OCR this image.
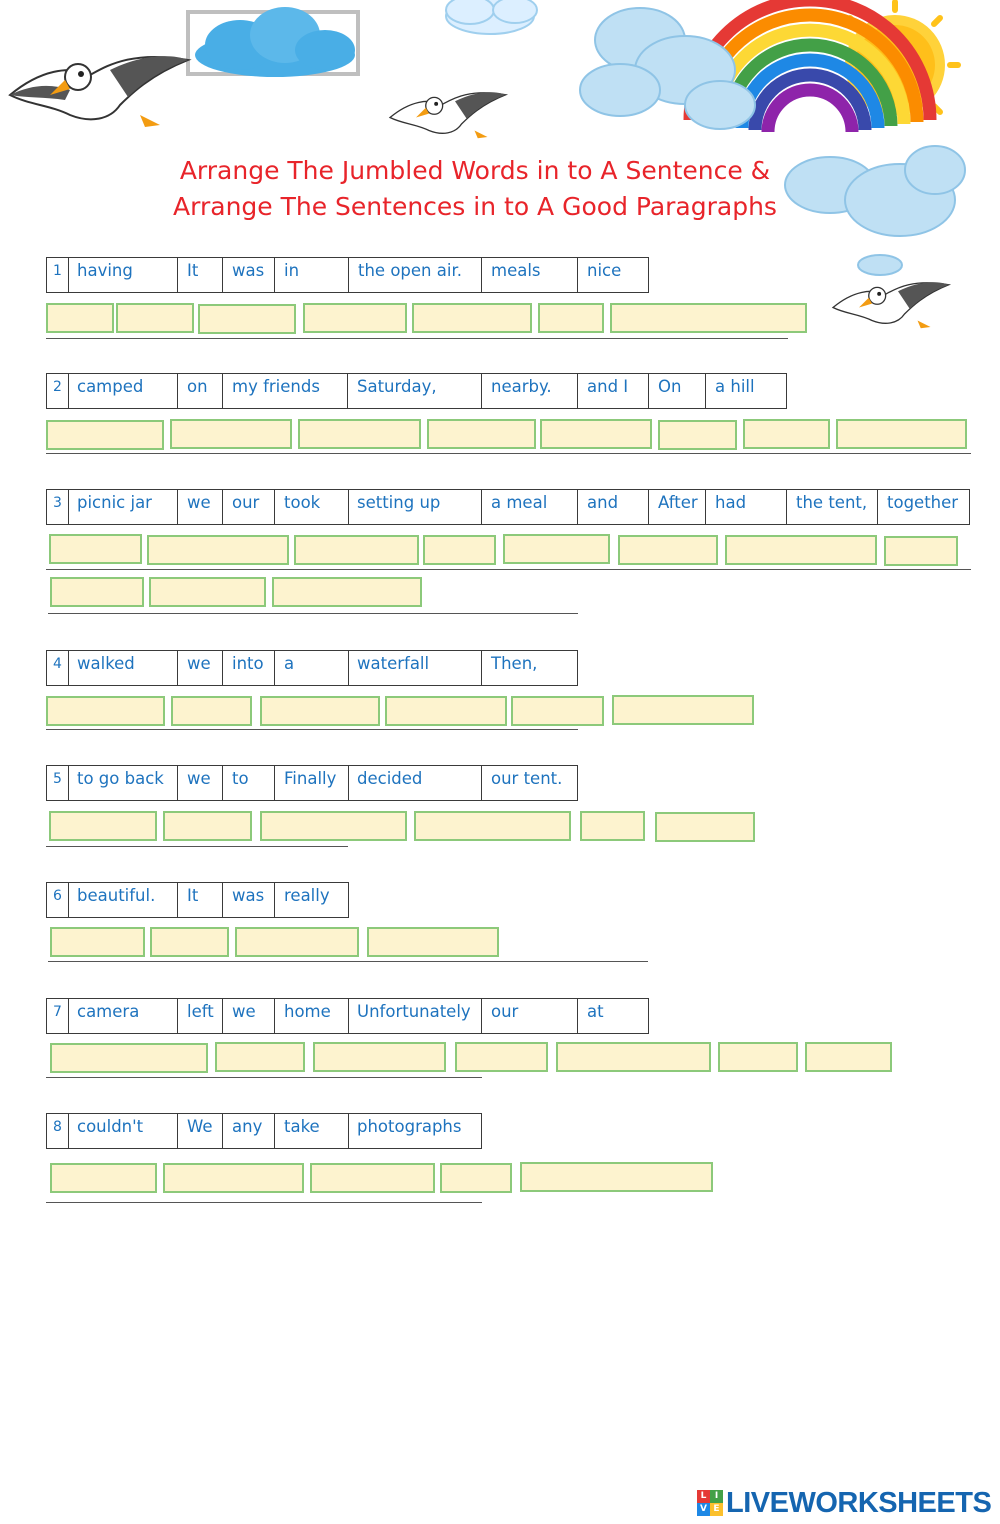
Arrange The Jumbled Words in to A Sentence &
Arrange The Sentences in to A Good Paragraphs
1 having	It	was	in	the open air.	meals	nice
2 camped	on	my friends	Saturday,	nearby.	and I	On	a hill
3 picnic jar	we	our	took	setting up	a meal	and	After	had	the tent,	together
4 walked	we	into	a	waterfall	Then,
5 to go back	we	to	Finally	decided	our tent.
6 beautiful.	It	was	really
7 camera	left	we	home	Unfortunately	our	at
8 couldn't	We	any	take	photographs
L I
V E LIVEWORKSHEETS
